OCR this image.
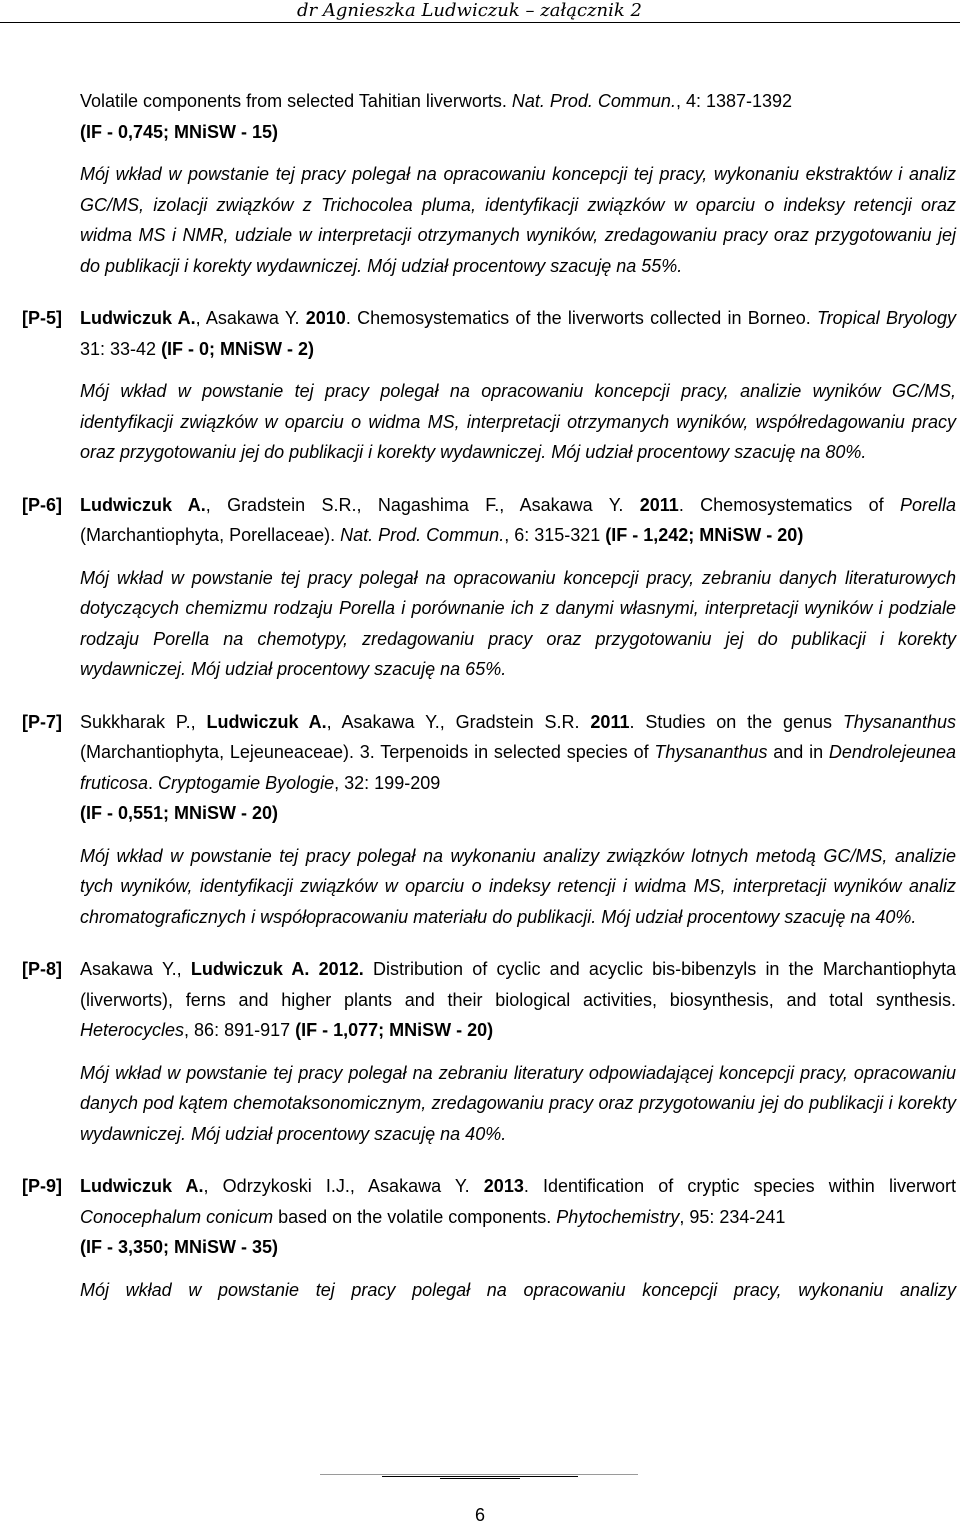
dr Agnieszka Ludwiczuk – załącznik 2
Volatile components from selected Tahitian liverworts. Nat. Prod. Commun., 4: 1387-1392
(IF - 0,745; MNiSW - 15)
Mój wkład w powstanie tej pracy polegał na opracowaniu koncepcji tej pracy, wykonaniu ekstraktów i analiz GC/MS, izolacji związków z Trichocolea pluma, identyfikacji związków w oparciu o indeksy retencji oraz widma MS i NMR, udziale w interpretacji otrzymanych wyników, zredagowaniu pracy oraz przygotowaniu jej do publikacji i korekty wydawniczej. Mój udział procentowy szacuję na 55%.
[P-5] Ludwiczuk A., Asakawa Y. 2010. Chemosystematics of the liverworts collected in Borneo. Tropical Bryology 31: 33-42 (IF - 0; MNiSW - 2)
Mój wkład w powstanie tej pracy polegał na opracowaniu koncepcji pracy, analizie wyników GC/MS, identyfikacji związków w oparciu o widma MS, interpretacji otrzymanych wyników, współredagowaniu pracy oraz przygotowaniu jej do publikacji i korekty wydawniczej. Mój udział procentowy szacuję na 80%.
[P-6] Ludwiczuk A., Gradstein S.R., Nagashima F., Asakawa Y. 2011. Chemosystematics of Porella (Marchantiophyta, Porellaceae). Nat. Prod. Commun., 6: 315-321 (IF - 1,242; MNiSW - 20)
Mój wkład w powstanie tej pracy polegał na opracowaniu koncepcji pracy, zebraniu danych literaturowych dotyczących chemizmu rodzaju Porella i porównanie ich z danymi własnymi, interpretacji wyników i podziale rodzaju Porella na chemotypy, zredagowaniu pracy oraz przygotowaniu jej do publikacji i korekty wydawniczej. Mój udział procentowy szacuję na 65%.
[P-7] Sukkharak P., Ludwiczuk A., Asakawa Y., Gradstein S.R. 2011. Studies on the genus Thysananthus (Marchantiophyta, Lejeuneaceae). 3. Terpenoids in selected species of Thysananthus and in Dendrolejeunea fruticosa. Cryptogamie Byologie, 32: 199-209
(IF - 0,551; MNiSW - 20)
Mój wkład w powstanie tej pracy polegał na wykonaniu analizy związków lotnych metodą GC/MS, analizie tych wyników, identyfikacji związków w oparciu o indeksy retencji i widma MS, interpretacji wyników analiz chromatograficznych i współopracowaniu materiału do publikacji. Mój udział procentowy szacuję na 40%.
[P-8] Asakawa Y., Ludwiczuk A. 2012. Distribution of cyclic and acyclic bis-bibenzyls in the Marchantiophyta (liverworts), ferns and higher plants and their biological activities, biosynthesis, and total synthesis. Heterocycles, 86: 891-917 (IF - 1,077; MNiSW - 20)
Mój wkład w powstanie tej pracy polegał na zebraniu literatury odpowiadającej koncepcji pracy, opracowaniu danych pod kątem chemotaksonomicznym, zredagowaniu pracy oraz przygotowaniu jej do publikacji i korekty wydawniczej. Mój udział procentowy szacuję na 40%.
[P-9] Ludwiczuk A., Odrzykoski I.J., Asakawa Y. 2013. Identification of cryptic species within liverwort Conocephalum conicum based on the volatile components. Phytochemistry, 95: 234-241
(IF - 3,350; MNiSW - 35)
Mój wkład w powstanie tej pracy polegał na opracowaniu koncepcji pracy, wykonaniu analizy
6
